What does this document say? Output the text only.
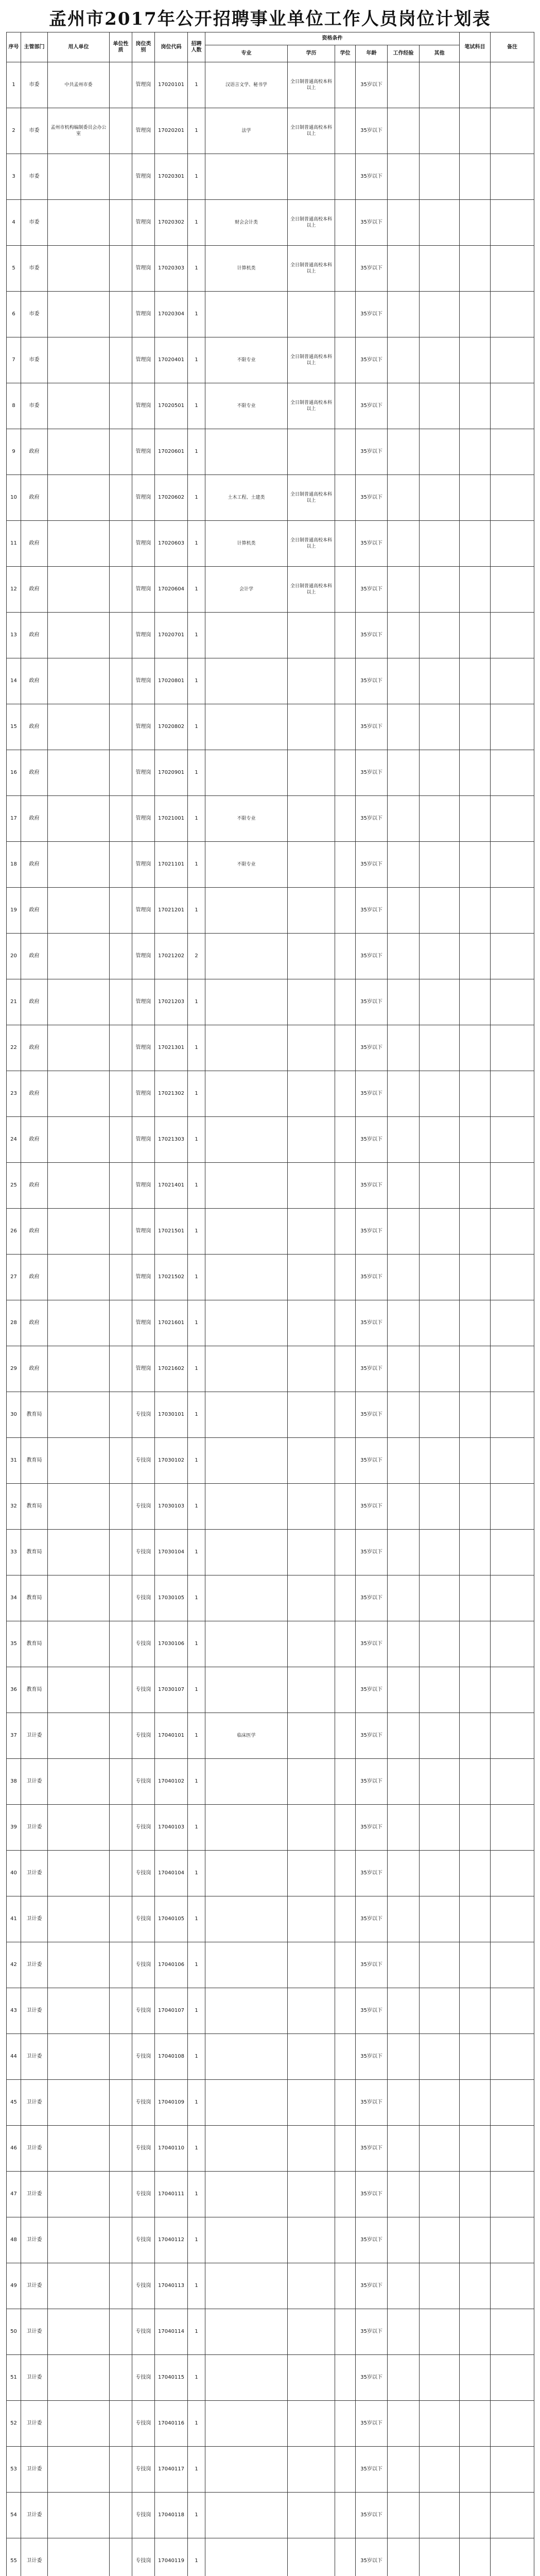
孟州市2017年公开招聘事业单位工作人员岗位计划表
序号	主管部门	用人单位	单位性质	岗位类别	岗位代码	招聘人数	资格条件						笔试科目	备注
							专业	学历	学位	年龄	工作经验	其他		
1	市委	中共孟州市委		管理岗	17020101	1	汉语言文学、秘书学	全日制普通高校本科以上		35岁以下				
2	市委	孟州市机构编制委员会办公室		管理岗	17020201	1	法学	全日制普通高校本科以上		35岁以下				
3	市委			管理岗	17020301	1				35岁以下				
4	市委			管理岗	17020302	1	财会会计类	全日制普通高校本科以上		35岁以下				
5	市委			管理岗	17020303	1	计算机类	全日制普通高校本科以上		35岁以下				
6	市委			管理岗	17020304	1				35岁以下				
7	市委			管理岗	17020401	1	不限专业	全日制普通高校本科以上		35岁以下				
8	市委			管理岗	17020501	1	不限专业	全日制普通高校本科以上		35岁以下				
9	政府			管理岗	17020601	1				35岁以下				
10	政府			管理岗	17020602	1	土木工程、土建类	全日制普通高校本科以上		35岁以下				
11	政府			管理岗	17020603	1	计算机类	全日制普通高校本科以上		35岁以下				
12	政府			管理岗	17020604	1	会计学	全日制普通高校本科以上		35岁以下				
13	政府			管理岗	17020701	1				35岁以下				
14	政府			管理岗	17020801	1				35岁以下				
15	政府			管理岗	17020802	1				35岁以下				
16	政府			管理岗	17020901	1				35岁以下				
17	政府			管理岗	17021001	1	不限专业			35岁以下				
18	政府			管理岗	17021101	1	不限专业			35岁以下				
19	政府			管理岗	17021201	1				35岁以下				
20	政府			管理岗	17021202	2				35岁以下				
21	政府			管理岗	17021203	1				35岁以下				
22	政府			管理岗	17021301	1				35岁以下				
23	政府			管理岗	17021302	1				35岁以下				
24	政府			管理岗	17021303	1				35岁以下				
25	政府			管理岗	17021401	1				35岁以下				
26	政府			管理岗	17021501	1				35岁以下				
27	政府			管理岗	17021502	1				35岁以下				
28	政府			管理岗	17021601	1				35岁以下				
29	政府			管理岗	17021602	1				35岁以下				
30	教育局			专技岗	17030101	1				35岁以下				
31	教育局			专技岗	17030102	1				35岁以下				
32	教育局			专技岗	17030103	1				35岁以下				
33	教育局			专技岗	17030104	1				35岁以下				
34	教育局			专技岗	17030105	1				35岁以下				
35	教育局			专技岗	17030106	1				35岁以下				
36	教育局			专技岗	17030107	1				35岁以下				
37	卫计委			专技岗	17040101	1	临床医学			35岁以下				
38	卫计委			专技岗	17040102	1				35岁以下				
39	卫计委			专技岗	17040103	1				35岁以下				
40	卫计委			专技岗	17040104	1				35岁以下				
41	卫计委			专技岗	17040105	1				35岁以下				
42	卫计委			专技岗	17040106	1				35岁以下				
43	卫计委			专技岗	17040107	1				35岁以下				
44	卫计委			专技岗	17040108	1				35岁以下				
45	卫计委			专技岗	17040109	1				35岁以下				
46	卫计委			专技岗	17040110	1				35岁以下				
47	卫计委			专技岗	17040111	1				35岁以下				
48	卫计委			专技岗	17040112	1				35岁以下				
49	卫计委			专技岗	17040113	1				35岁以下				
50	卫计委			专技岗	17040114	1				35岁以下				
51	卫计委			专技岗	17040115	1				35岁以下				
52	卫计委			专技岗	17040116	1				35岁以下				
53	卫计委			专技岗	17040117	1				35岁以下				
54	卫计委			专技岗	17040118	1				35岁以下				
55	卫计委			专技岗	17040119	1				35岁以下				
